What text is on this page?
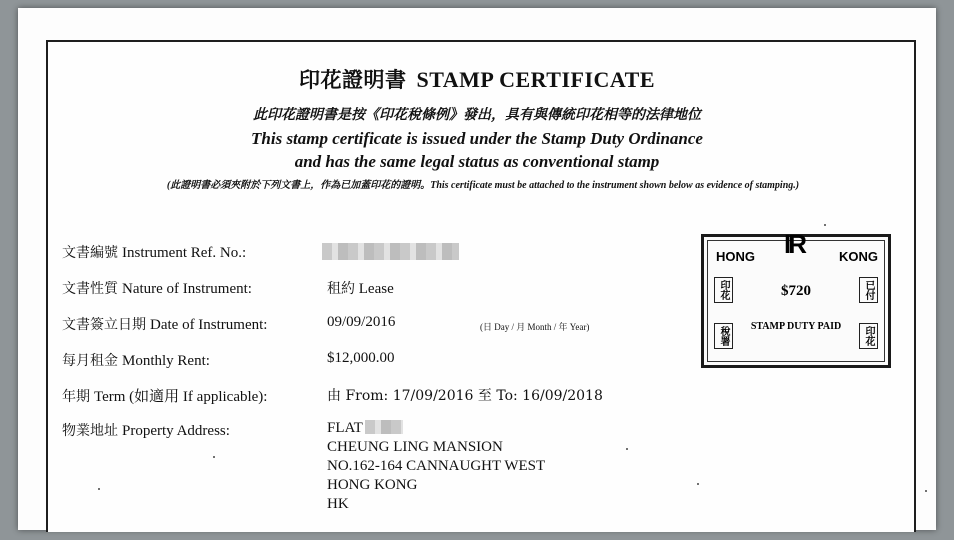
印花證明書 STAMP CERTIFICATE
此印花證明書是按《印花稅條例》發出，具有與傳統印花相等的法律地位
This stamp certificate is issued under the Stamp Duty Ordinance
and has the same legal status as conventional stamp
(此證明書必須夾附於下列文書上，作為已加蓋印花的證明。This certificate must be attached to the instrument shown below as evidence of stamping.)
文書編號 Instrument Ref. No.:
文書性質 Nature of Instrument:	租約 Lease
文書簽立日期 Date of Instrument:	09/09/2016	(日 Day / 月 Month / 年 Year)
每月租金 Monthly Rent:	$12,000.00
年期 Term (如適用 If applicable):	由 From: 17/09/2016 至 To: 16/09/2018
物業地址 Property Address:	FLAT
CHEUNG LING MANSION
NO.162-164 CANNAUGHT WEST
HONG KONG
HK
HONG IR	KONG
$720
STAMP DUTY PAID
印花
稅署
已付
印花
